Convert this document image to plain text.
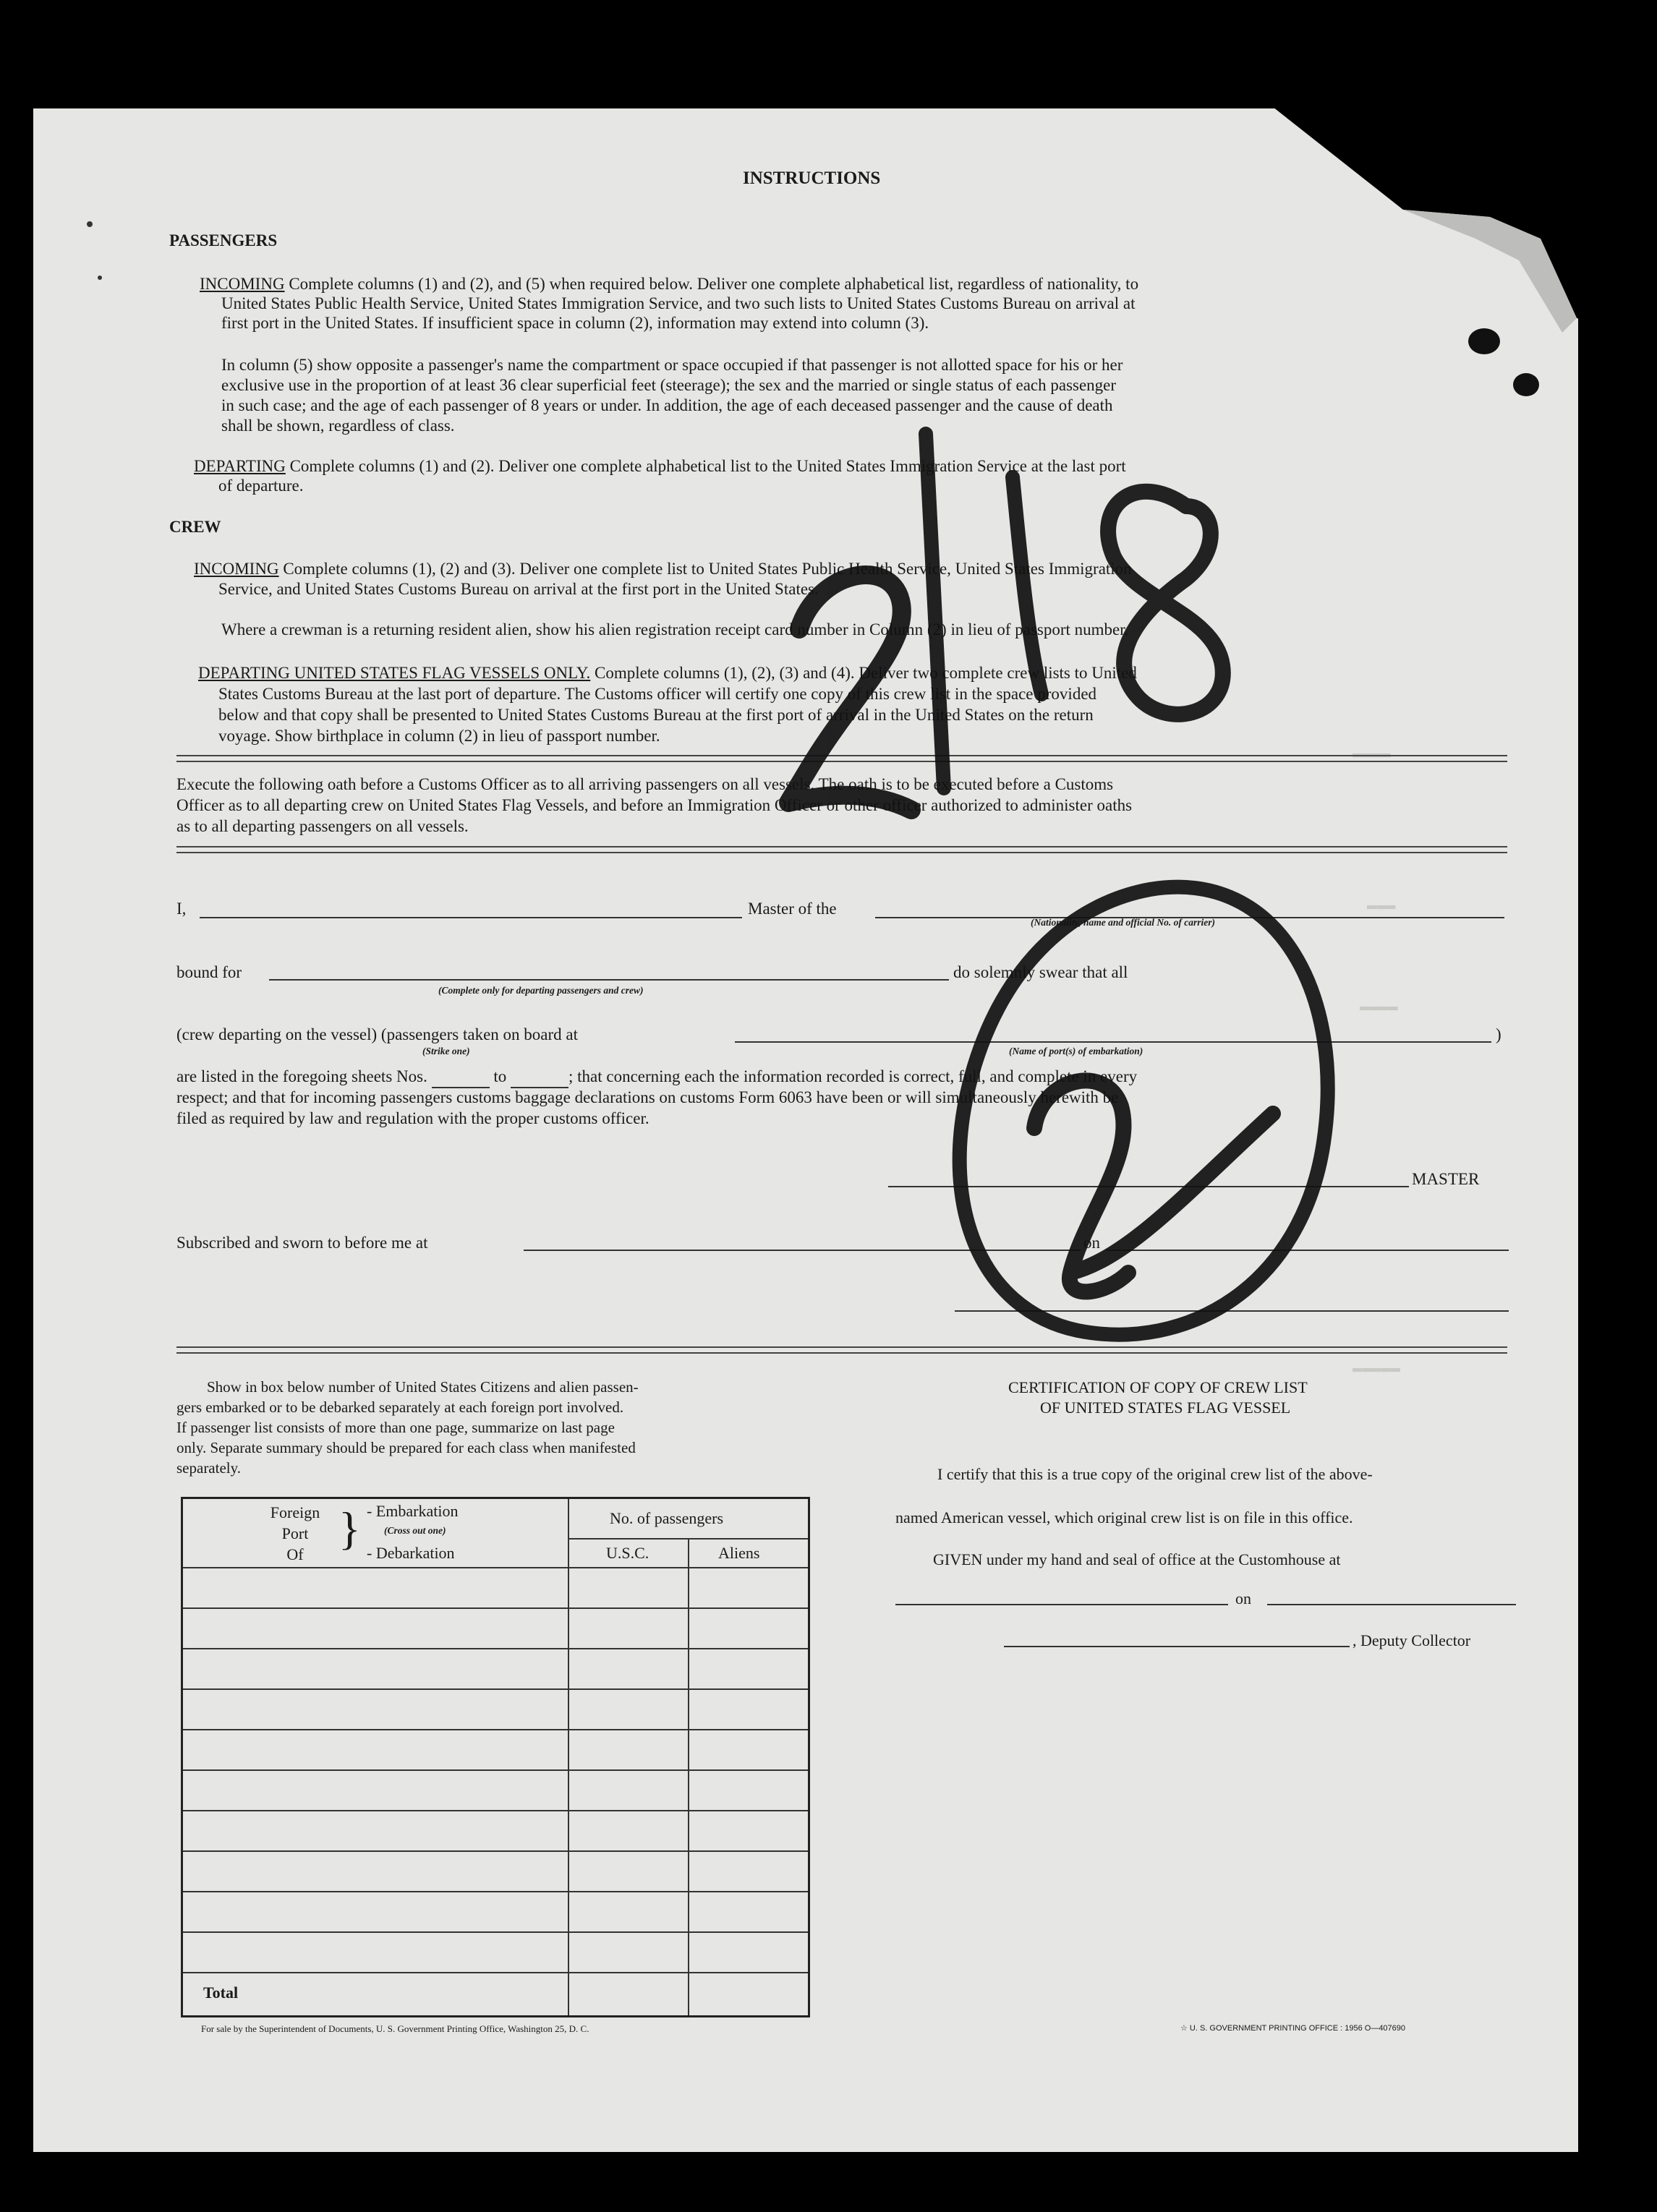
▬▬▬▬
▬▬▬
▬▬▬▬
▬▬▬▬▬
INSTRUCTIONS
PASSENGERS
INCOMING Complete columns (1) and (2), and (5) when required below. Deliver one complete alphabetical list, regardless of nationality, to
United States Public Health Service, United States Immigration Service, and two such lists to United States Customs Bureau on arrival at
first port in the United States. If insufficient space in column (2), information may extend into column (3).
In column (5) show opposite a passenger's name the compartment or space occupied if that passenger is not allotted space for his or her
exclusive use in the proportion of at least 36 clear superficial feet (steerage); the sex and the married or single status of each passenger
in such case; and the age of each passenger of 8 years or under. In addition, the age of each deceased passenger and the cause of death
shall be shown, regardless of class.
DEPARTING Complete columns (1) and (2). Deliver one complete alphabetical list to the United States Immigration Service at the last port
of departure.
CREW
INCOMING Complete columns (1), (2) and (3). Deliver one complete list to United States Public Health Service, United States Immigration
Service, and United States Customs Bureau on arrival at the first port in the United States.
Where a crewman is a returning resident alien, show his alien registration receipt card number in Column (2) in lieu of passport number.
DEPARTING UNITED STATES FLAG VESSELS ONLY. Complete columns (1), (2), (3) and (4). Deliver two complete crew lists to United
States Customs Bureau at the last port of departure. The Customs officer will certify one copy of this crew list in the space provided
below and that copy shall be presented to United States Customs Bureau at the first port of arrival in the United States on the return
voyage. Show birthplace in column (2) in lieu of passport number.
Execute the following oath before a Customs Officer as to all arriving passengers on all vessels. The oath is to be executed before a Customs
Officer as to all departing crew on United States Flag Vessels, and before an Immigration Officer or other officer authorized to administer oaths
as to all departing passengers on all vessels.
I,	Master of the
(Nationality, name and official No. of carrier)
bound for
(Complete only for departing passengers and crew)
do solemnly swear that all
(crew departing on the vessel) (passengers taken on board at	)
(Strike one)	(Name of port(s) of embarkation)
are listed in the foregoing sheets Nos.	to	; that concerning each the information recorded is correct, full, and complete in every
respect; and that for incoming passengers customs baggage declarations on customs Form 6063 have been or will simultaneously herewith be
filed as required by law and regulation with the proper customs officer.
MASTER
Subscribed and sworn to before me at	on
Show in box below number of United States Citizens and alien passen-
gers embarked or to be debarked separately at each foreign port involved.
If passenger list consists of more than one page, summarize on last page
only. Separate summary should be prepared for each class when manifested
separately.
Foreign
Port
Of
} - Embarkation
(Cross out one)
- Debarkation
No. of passengers
U.S.C.	Aliens
Total
CERTIFICATION OF COPY OF CREW LIST
OF UNITED STATES FLAG VESSEL
I certify that this is a true copy of the original crew list of the above-
named American vessel, which original crew list is on file in this office.
GIVEN under my hand and seal of office at the Customhouse at
on
, Deputy Collector
For sale by the Superintendent of Documents, U. S. Government Printing Office, Washington 25, D. C.	☆ U. S. GOVERNMENT PRINTING OFFICE : 1956 O—407690
